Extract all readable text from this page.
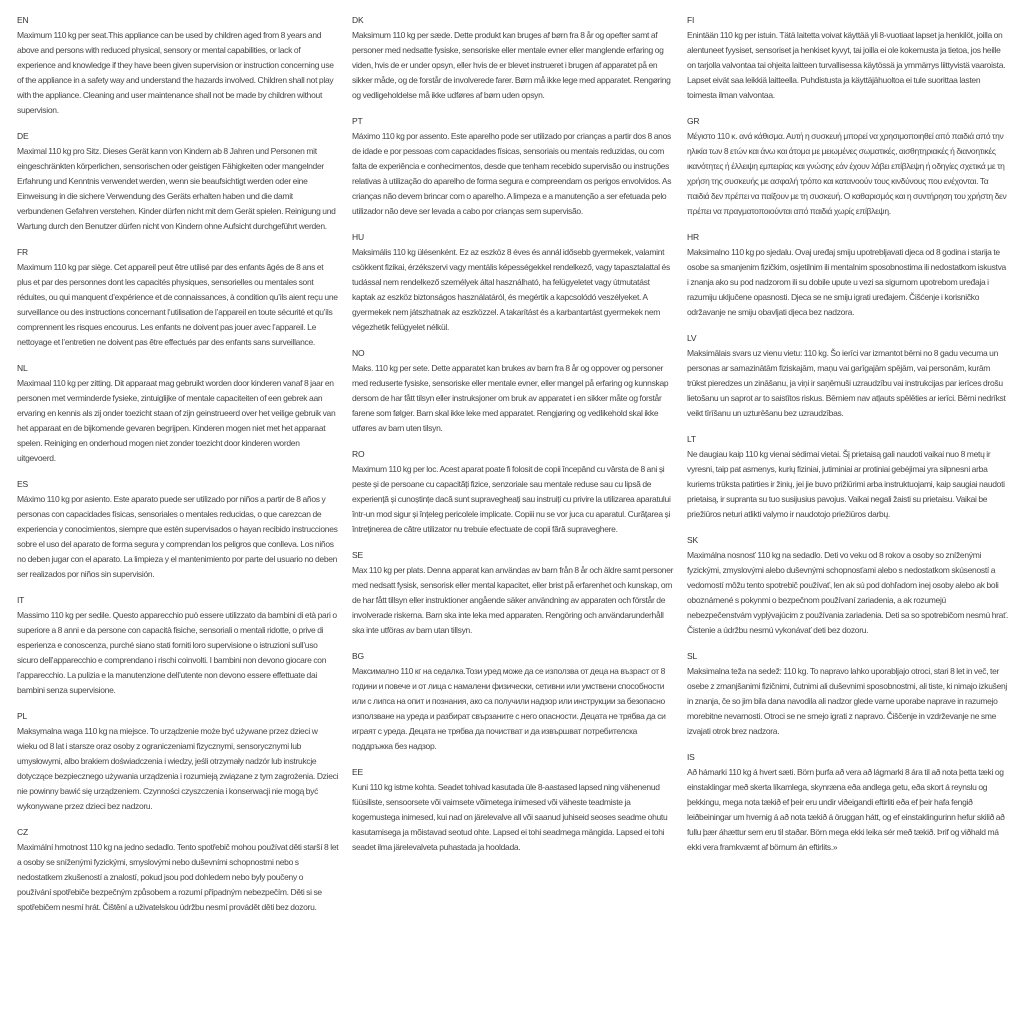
EN

Maximum 110 kg per seat.This appliance can be used by children aged from 8 years and above and persons with reduced physical, sensory or mental capabilities, or lack of experience and knowledge if they have been given supervision or instruction concerning use of the appliance in a safety way and understand the hazards involved. Children shall not play with the appliance. Cleaning and user maintenance shall not be made by children without supervision.

DE

Maximal 110 kg pro Sitz. Dieses Gerät kann von Kindern ab 8 Jahren und Personen mit eingeschränkten körperlichen, sensorischen oder geistigen Fähigkeiten oder mangelnder Erfahrung und Kenntnis verwendet werden, wenn sie beaufsichtigt werden oder eine Einweisung in die sichere Verwendung des Geräts erhalten haben und die damit verbundenen Gefahren verstehen. Kinder dürfen nicht mit dem Gerät spielen. Reinigung und Wartung durch den Benutzer dürfen nicht von Kindern ohne Aufsicht durchgeführt werden.

FR

Maximum 110 kg par siège. Cet appareil peut être utilisé par des enfants âgés de 8 ans et plus et par des personnes dont les capacités physiques, sensorielles ou mentales sont réduites, ou qui manquent d’expérience et de connaissances, à condition qu’ils aient reçu une surveillance ou des instructions concernant l’utilisation de l’appareil en toute sécurité et qu’ils comprennent les risques encourus. Les enfants ne doivent pas jouer avec l’appareil. Le nettoyage et l’entretien ne doivent pas être effectués par des enfants sans surveillance.

NL

Maximaal 110 kg per zitting. Dit apparaat mag gebruikt worden door kinderen vanaf 8 jaar en personen met verminderde fysieke, zintuiglijke of mentale capaciteiten of een gebrek aan ervaring en kennis als zij onder toezicht staan of zijn geinstrueerd over het veilige gebruik van het apparaat en de bijkomende gevaren begrijpen. Kinderen mogen niet met het apparaat spelen. Reiniging en onderhoud mogen niet zonder toezicht door kinderen worden uitgevoerd.

ES

Máximo 110 kg por asiento. Este aparato puede ser utilizado por niños a partir de 8 años y personas con capacidades físicas, sensoriales o mentales reducidas, o que carezcan de experiencia y conocimientos, siempre que estén supervisados o hayan recibido instrucciones sobre el uso del aparato de forma segura y comprendan los peligros que conlleva. Los niños no deben jugar con el aparato. La limpieza y el mantenimiento por parte del usuario no deben ser realizados por niños sin supervisión.

IT

Massimo 110 kg per sedile. Questo apparecchio può essere utilizzato da bambini di età pari o superiore a 8 anni e da persone con capacità fisiche, sensoriali o mentali ridotte, o prive di esperienza e conoscenza, purché siano stati forniti loro supervisione o istruzioni sull’uso sicuro dell’apparecchio e comprendano i rischi coinvolti. I bambini non devono giocare con l’apparecchio. La pulizia e la manutenzione dell’utente non devono essere effettuate dai bambini senza supervisione.

PL

Maksymalna waga 110 kg na miejsce. To urządzenie może być używane przez dzieci w wieku od 8 lat i starsze oraz osoby z ograniczeniami fizycznymi, sensorycznymi lub umysłowymi, albo brakiem doświadczenia i wiedzy, jeśli otrzymały nadzór lub instrukcje dotyczące bezpiecznego używania urządzenia i rozumieją związane z tym zagrożenia. Dzieci nie powinny bawić się urządzeniem. Czynności czyszczenia i konserwacji nie mogą być wykonywane przez dzieci bez nadzoru.

CZ

Maximální hmotnost 110 kg na jedno sedadlo. Tento spotřebič mohou používat děti starší 8 let a osoby se sníženými fyzickými, smyslovými nebo duševními schopnostmi nebo s nedostatkem zkušeností a znalostí, pokud jsou pod dohledem nebo byly poučeny o používání spotřebiče bezpečným způsobem a rozumí případným nebezpečím. Děti si se spotřebičem nesmí hrát. Čištění a uživatelskou údržbu nesmí provádět děti bez dozoru.

DK

Maksimum 110 kg per sæde. Dette produkt kan bruges af børn fra 8 år og opefter samt af personer med nedsatte fysiske, sensoriske eller mentale evner eller manglende erfaring og viden, hvis de er under opsyn, eller hvis de er blevet instrueret i brugen af apparatet på en sikker måde, og de forstår de involverede farer. Børn må ikke lege med apparatet. Rengøring og vedligeholdelse må ikke udføres af børn uden opsyn.

PT

Máximo 110 kg por assento. Este aparelho pode ser utilizado por crianças a partir dos 8 anos de idade e por pessoas com capacidades físicas, sensoriais ou mentais reduzidas, ou com falta de experiência e conhecimentos, desde que tenham recebido supervisão ou instruções relativas à utilização do aparelho de forma segura e compreendam os perigos envolvidos. As crianças não devem brincar com o aparelho. A limpeza e a manutenção a ser efetuada pelo utilizador não deve ser levada a cabo por crianças sem supervisão.

HU

Maksimális 110 kg ülésenként. Ez az eszköz 8 éves és annál idősebb gyermekek, valamint csökkent fizikai, érzékszervi vagy mentális képességekkel rendelkező, vagy tapasztalattal és tudással nem rendelkező személyek által használható, ha felügyeletet vagy útmutatást kaptak az eszköz biztonságos használatáról, és megértik a kapcsolódó veszélyeket. A gyermekek nem játszhatnak az eszközzel. A takarítást és a karbantartást gyermekek nem végezhetik felügyelet nélkül.

NO

Maks. 110 kg per sete. Dette apparatet kan brukes av barn fra 8 år og oppover og personer med reduserte fysiske, sensoriske eller mentale evner, eller mangel på erfaring og kunnskap dersom de har fått tilsyn eller instruksjoner om bruk av apparatet i en sikker måte og forstår farene som følger. Barn skal ikke leke med apparatet. Rengjøring og vedlikehold skal ikke utføres av barn uten tilsyn.

RO

Maximum 110 kg per loc. Acest aparat poate fi folosit de copii începând cu vârsta de 8 ani și peste și de persoane cu capacități fizice, senzoriale sau mentale reduse sau cu lipsă de experiență și cunoștințe dacă sunt supravegheați sau instruiți cu privire la utilizarea aparatului într-un mod sigur și înțeleg pericolele implicate. Copiii nu se vor juca cu aparatul. Curățarea și întreținerea de către utilizator nu trebuie efectuate de copii fără supraveghere.

SE

Max 110 kg per plats. Denna apparat kan användas av barn från 8 år och äldre samt personer med nedsatt fysisk, sensorisk eller mental kapacitet, eller brist på erfarenhet och kunskap, om de har fått tillsyn eller instruktioner angående säker användning av apparaten och förstår de involverade riskerna. Barn ska inte leka med apparaten. Rengöring och användarunderhåll ska inte utföras av barn utan tillsyn.

BG

Максимално 110 кг на седалка.Този уред може да се използва от деца на възраст от 8 години и повече и от лица с намалени физически, сетивни или умствени способности или с липса на опит и познания, ако са получили надзор или инструкции за безопасно използване на уреда и разбират свързаните с него опасности. Децата не трябва да си играят с уреда. Децата не трябва да почистват и да извършват потребителска поддръжка без надзор.

EE

Kuni 110 kg istme kohta. Seadet tohivad kasutada üle 8-aastased lapsed ning vähenenud füüsiliste, sensoorsete või vaimsete võimetega inimesed või väheste teadmiste ja kogemustega inimesed, kui nad on järelevalve all või saanud juhiseid seoses seadme ohutu kasutamisega ja mõistavad seotud ohte. Lapsed ei tohi seadmega mängida. Lapsed ei tohi seadet ilma järelevalveta puhastada ja hooldada.

FI

Enintään 110 kg per istuin. Tätä laitetta voivat käyttää yli 8-vuotiaat lapset ja henkilöt, joilla on alentuneet fyysiset, sensoriset ja henkiset kyvyt, tai joilla ei ole kokemusta ja tietoa, jos heille on tarjolla valvontaa tai ohjeita laitteen turvallisessa käytössä ja ymmärrys liittyvistä vaaroista. Lapset eivät saa leikkiä laitteella. Puhdistusta ja käyttäjähuoltoa ei tule suorittaa lasten toimesta ilman valvontaa.

GR

Μέγιστο 110 κ. ανά κάθισμα. Αυτή η συσκευή μπορεί να χρησιμοποιηθεί από παιδιά από την ηλικία των 8 ετών και άνω και άτομα με μειωμένες σωματικές, αισθητηριακές ή διανοητικές ικανότητες ή έλλειψη εμπειρίας και γνώσης εάν έχουν λάβει επίβλεψη ή οδηγίες σχετικά με τη χρήση της συσκευής με ασφαλή τρόπο και κατανοούν τους κινδύνους που ενέχονται. Τα παιδιά δεν πρέπει να παίξουν με τη συσκευή. Ο καθαρισμός και η συντήρηση του χρήστη δεν πρέπει να πραγματοποιούνται από παιδιά χωρίς επίβλεψη.

HR

Maksimalno 110 kg po sjedalu. Ovaj uređaj smiju upotrebljavati djeca od 8 godina i starija te osobe sa smanjenim fizičkim, osjetilnim ili mentalnim sposobnostima ili nedostatkom iskustva i znanja ako su pod nadzorom ili su dobile upute u vezi sa sigurnom upotrebom uređaja i razumiju uključene opasnosti. Djeca se ne smiju igrati uređajem. Čišćenje i korisničko održavanje ne smiju obavljati djeca bez nadzora.

LV

Maksimālais svars uz vienu vietu: 110 kg. Šo ierīci var izmantot bērni no 8 gadu vecuma un personas ar samazinātām fiziskajām, maņu vai garīgajām spējām, vai personām, kurām trūkst pieredzes un zināšanu, ja viņi ir saņēmuši uzraudzību vai instrukcijas par ierīces drošu lietošanu un saprot ar to saistītos riskus. Bērniem nav atļauts spēlēties ar ierīci. Bērni nedrīkst veikt tīrīšanu un uzturēšanu bez uzraudzības.

LT

Ne daugiau kaip 110 kg vienai sėdimai vietai. Šį prietaisą gali naudoti vaikai nuo 8 metų ir vyresni, taip pat asmenys, kurių fiziniai, jutiminiai ar protiniai gebėjimai yra silpnesni arba kuriems trūksta patirties ir žinių, jei jie buvo prižiūrimi arba instruktuojami, kaip saugiai naudoti prietaisą, ir supranta su tuo susijusius pavojus. Vaikai negali žaisti su prietaisu. Vaikai be priežiūros neturi atlikti valymo ir naudotojo priežiūros darbų.

SK

Maximálna nosnosť 110 kg na sedadlo. Deti vo veku od 8 rokov a osoby so zníženými fyzickými, zmyslovými alebo duševnými schopnosťami alebo s nedostatkom skúseností a vedomostí môžu tento spotrebič používať, len ak sú pod dohľadom inej osoby alebo ak boli oboznámené s pokynmi o bezpečnom používaní zariadenia, a ak rozumejú nebezpečenstvám vyplývajúcim z používania zariadenia. Deti sa so spotrebičom nesmú hrať. Čistenie a údržbu nesmú vykonávať deti bez dozoru.

SL

Maksimalna teža na sedež: 110 kg. To napravo lahko uporabljajo otroci, stari 8 let in več, ter osebe z zmanjšanimi fizičnimi, čutnimi ali duševnimi sposobnostmi, ali tiste, ki nimajo izkušenj in znanja, če so jim bila dana navodila ali nadzor glede varne uporabe naprave in razumejo morebitne nevarnosti. Otroci se ne smejo igrati z napravo. Čiščenje in vzdrževanje ne sme izvajati otrok brez nadzora.

IS

Að hámarki 110 kg á hvert sæti. Börn þurfa að vera að lágmarki 8 ára til að nota þetta tæki og einstaklingar með skerta líkamlega, skynræna eða andlega getu, eða skort á reynslu og þekkingu, mega nota tækið ef þeir eru undir viðeigandi eftirliti eða ef þeir hafa fengið leiðbeiningar um hvernig á að nota tækið á öruggan hátt, og ef einstaklingurinn hefur skilið að fullu þær áhættur sem eru til staðar. Börn mega ekki leika sér með tækið. Þrif og viðhald má ekki vera framkvæmt af börnum án eftirlits.»
